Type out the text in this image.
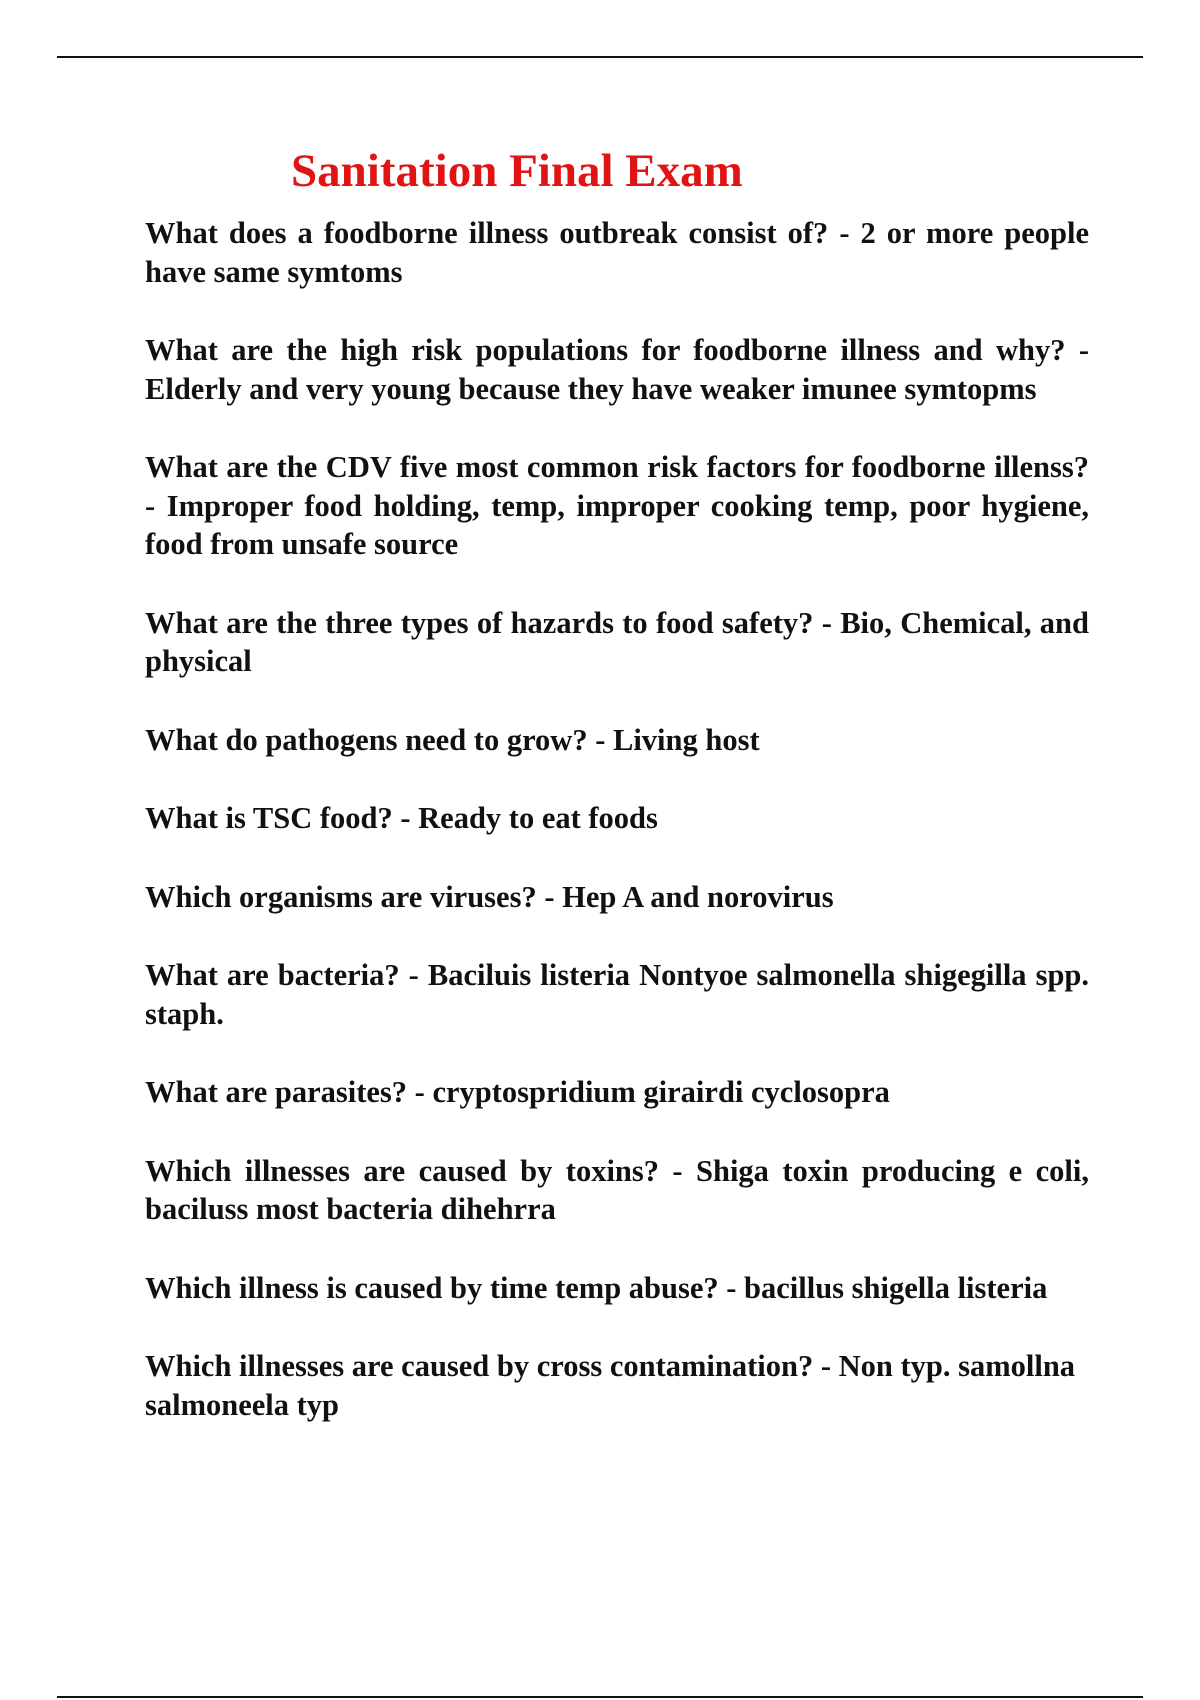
Sanitation Final Exam
What does a foodborne illness outbreak consist of? - 2 or more people have same symtoms
What are the high risk populations for foodborne illness and why? - Elderly and very young because they have weaker imunee symtopms
What are the CDV five most common risk factors for foodborne illenss? - Improper food holding, temp, improper cooking temp, poor hygiene, food from unsafe source
What are the three types of hazards to food safety? - Bio, Chemical, and physical
What do pathogens need to grow? - Living host
What is TSC food? - Ready to eat foods
Which organisms are viruses? - Hep A and norovirus
What are bacteria? - Baciluis listeria Nontyoe salmonella shigegilla spp. staph.
What are parasites? - cryptospridium girairdi cyclosopra
Which illnesses are caused by toxins? - Shiga toxin producing e coli, baciluss most bacteria dihehrra
Which illness is caused by time temp abuse? - bacillus shigella listeria
Which illnesses are caused by cross contamination? - Non typ. samollna salmoneela typ
